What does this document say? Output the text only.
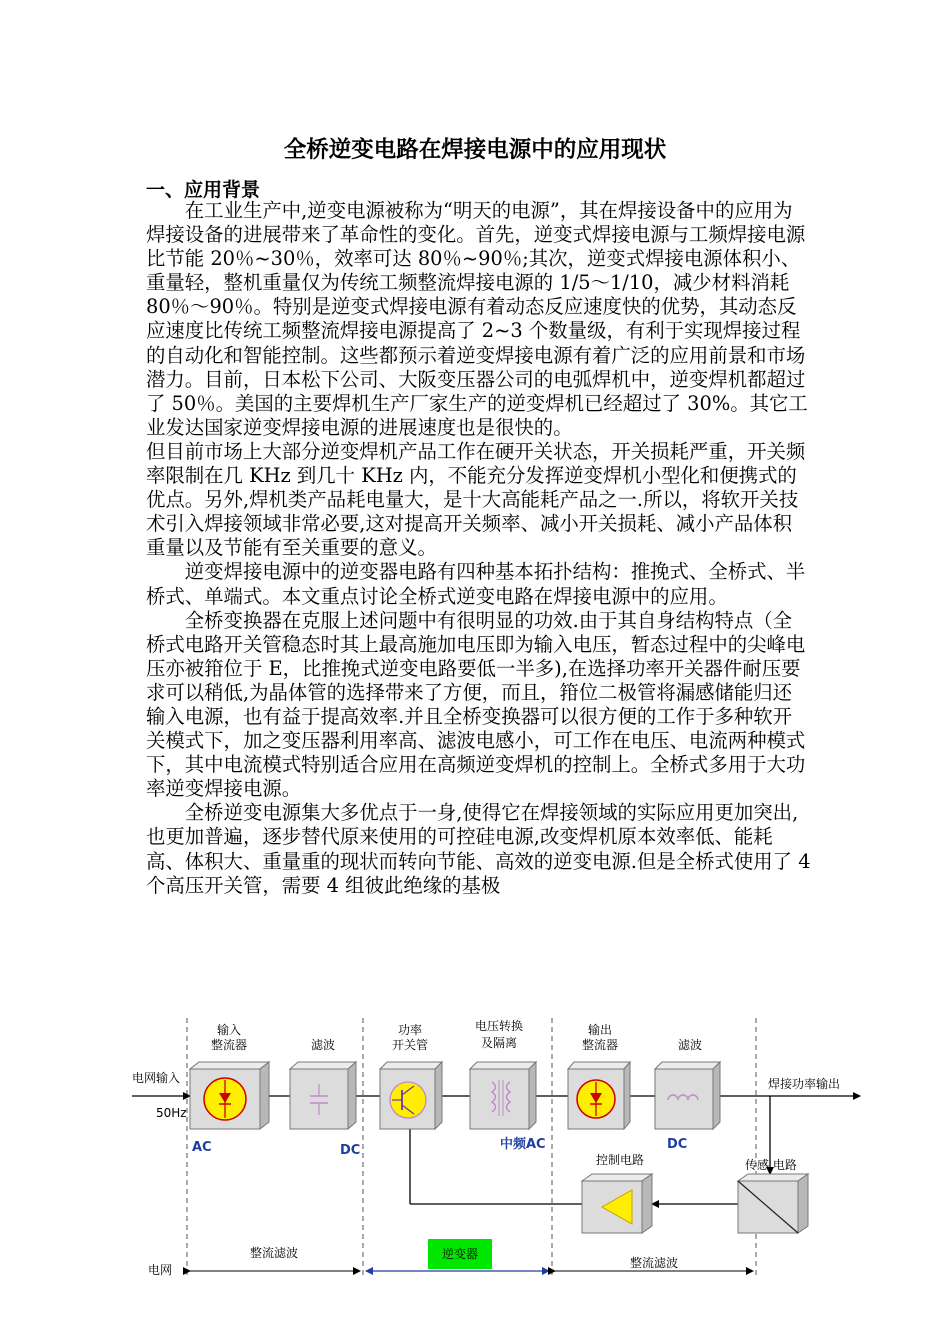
全桥逆变电路在焊接电源中的应用现状
一、应用背景

在工业生产中,逆变电源被称为“明天的电源”，其在焊接设备中的应用为焊接设备的进展带来了革命性的变化。首先，逆变式焊接电源与工频焊接电源比节能 20％~30％，效率可达 80％~90％;其次，逆变式焊接电源体积小、重量轻，整机重量仅为传统工频整流焊接电源的 1/5～1/10，减少材料消耗 80％～90％。特别是逆变式焊接电源有着动态反应速度快的优势，其动态反应速度比传统工频整流焊接电源提高了 2~3 个数量级，有利于实现焊接过程的自动化和智能控制。这些都预示着逆变焊接电源有着广泛的应用前景和市场潜力。目前，日本松下公司、大阪变压器公司的电弧焊机中，逆变焊机都超过了 50％。美国的主要焊机生产厂家生产的逆变焊机已经超过了 30%。其它工业发达国家逆变焊接电源的进展速度也是很快的。

但目前市场上大部分逆变焊机产品工作在硬开关状态，开关损耗严重，开关频率限制在几 KHz 到几十 KHz 内，不能充分发挥逆变焊机小型化和便携式的优点。另外,焊机类产品耗电量大，是十大高能耗产品之一.所以，将软开关技术引入焊接领域非常必要,这对提高开关频率、减小开关损耗、减小产品体积重量以及节能有至关重要的意义。

逆变焊接电源中的逆变器电路有四种基本拓扑结构：推挽式、全桥式、半桥式、单端式。本文重点讨论全桥式逆变电路在焊接电源中的应用。

全桥变换器在克服上述问题中有很明显的功效.由于其自身结构特点（全桥式电路开关管稳态时其上最高施加电压即为输入电压，暂态过程中的尖峰电压亦被箝位于 E，比推挽式逆变电路要低一半多),在选择功率开关器件耐压要求可以稍低,为晶体管的选择带来了方便，而且，箝位二极管将漏感储能归还输入电源，也有益于提高效率.并且全桥变换器可以很方便的工作于多种软开关模式下，加之变压器利用率高、滤波电感小，可工作在电压、电流两种模式下，其中电流模式特别适合应用在高频逆变焊机的控制上。全桥式多用于大功率逆变焊接电源。

全桥逆变电源集大多优点于一身,使得它在焊接领域的实际应用更加突出,也更加普遍，逐步替代原来使用的可控硅电源,改变焊机原本效率低、能耗高、体积大、重量重的现状而转向节能、高效的逆变电源.但是全桥式使用了 4 个高压开关管，需要 4 组彼此绝缘的基极

电网输入
50Hz
输入
整流器	滤波
功率
开关管
电压转换
及隔离
输出
整流器	滤波
焊接功率输出
AC	DC	中频AC	DC
控制电路	传感 电路
电网
整流滤波	逆变器
整流滤波
